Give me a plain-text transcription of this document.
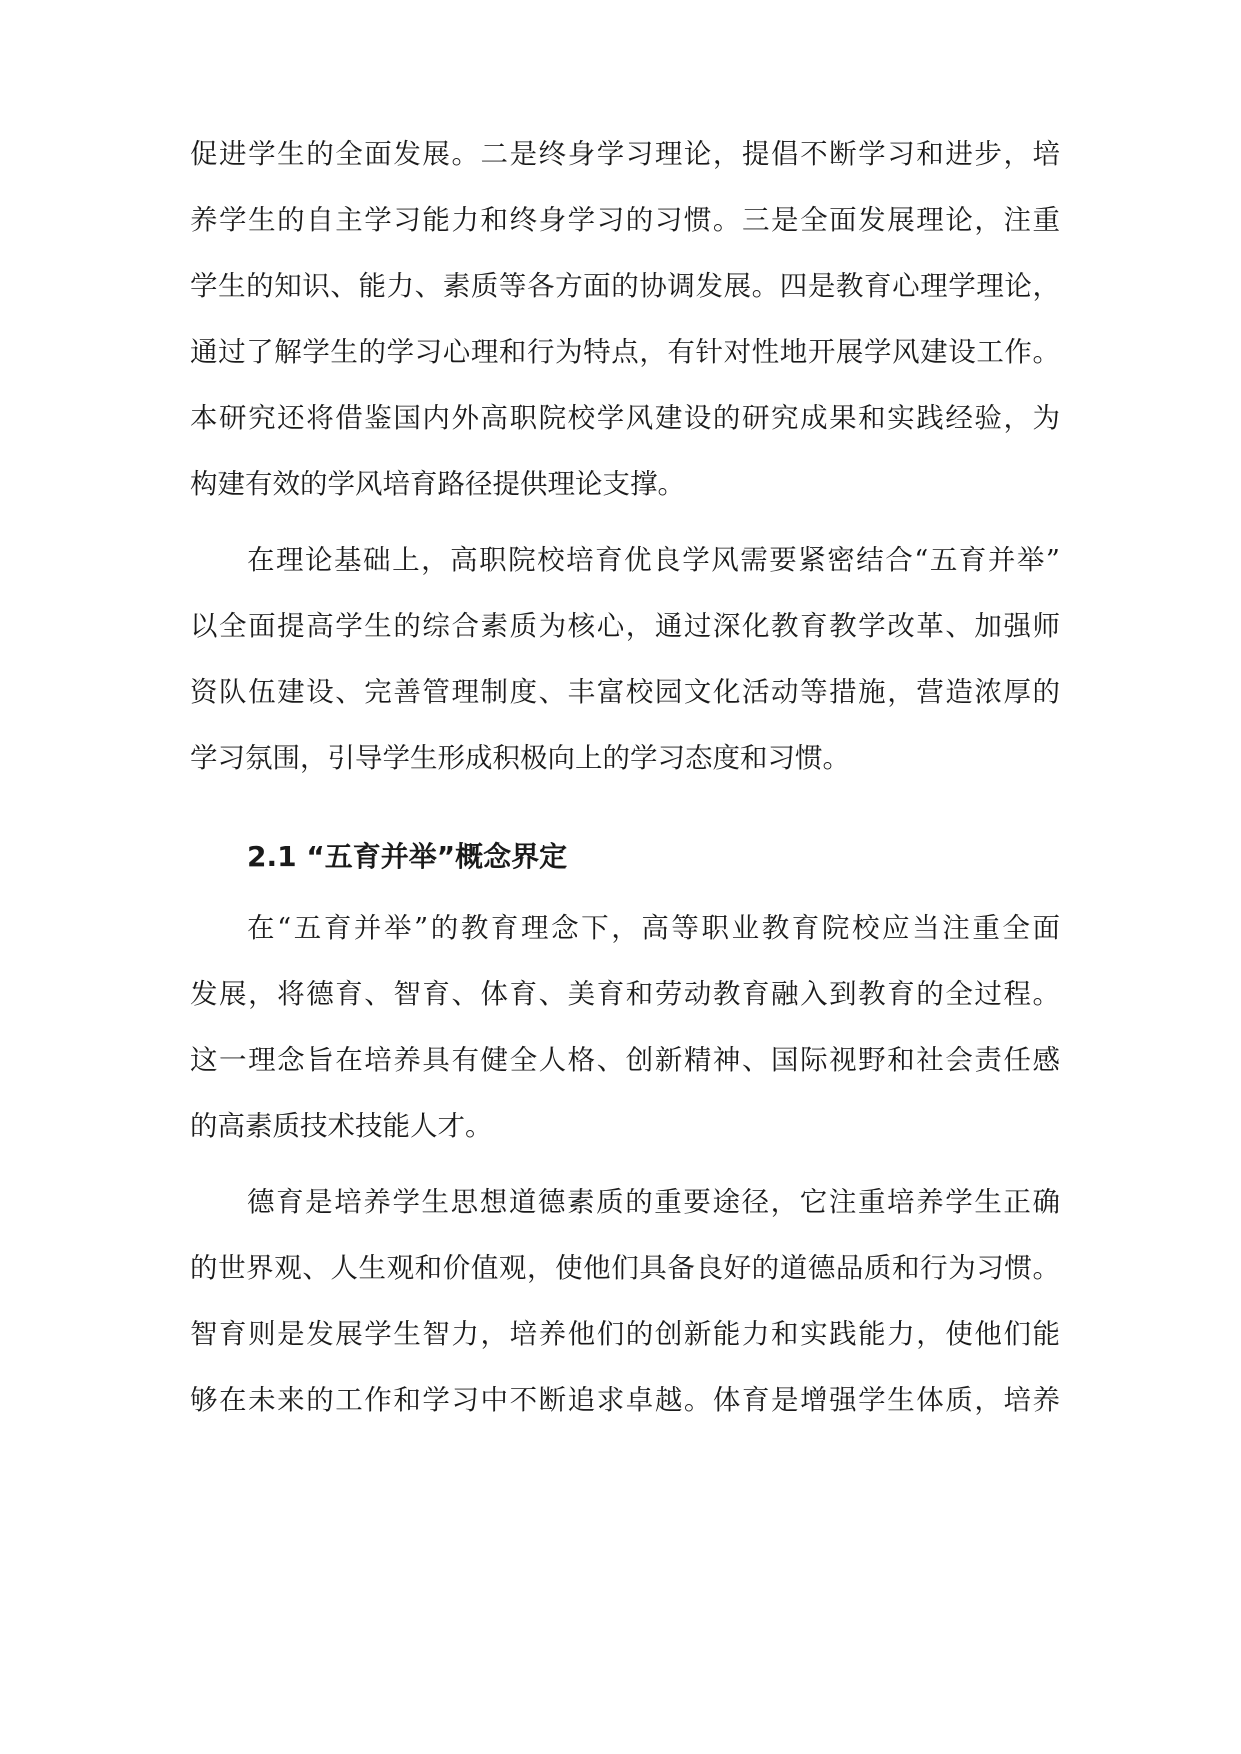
促进学生的全面发展。二是终身学习理论，提倡不断学习和进步，培
养学生的自主学习能力和终身学习的习惯。三是全面发展理论，注重
学生的知识、能力、素质等各方面的协调发展。四是教育心理学理论，
通过了解学生的学习心理和行为特点，有针对性地开展学风建设工作。
本研究还将借鉴国内外高职院校学风建设的研究成果和实践经验，为
构建有效的学风培育路径提供理论支撑。
在理论基础上，高职院校培育优良学风需要紧密结合“五育并举”
以全面提高学生的综合素质为核心，通过深化教育教学改革、加强师
资队伍建设、完善管理制度、丰富校园文化活动等措施，营造浓厚的
学习氛围，引导学生形成积极向上的学习态度和习惯。
2.1 “五育并举”概念界定
在“五育并举”的教育理念下，高等职业教育院校应当注重全面
发展，将德育、智育、体育、美育和劳动教育融入到教育的全过程。
这一理念旨在培养具有健全人格、创新精神、国际视野和社会责任感
的高素质技术技能人才。
德育是培养学生思想道德素质的重要途径，它注重培养学生正确
的世界观、人生观和价值观，使他们具备良好的道德品质和行为习惯。
智育则是发展学生智力，培养他们的创新能力和实践能力，使他们能
够在未来的工作和学习中不断追求卓越。体育是增强学生体质，培养
